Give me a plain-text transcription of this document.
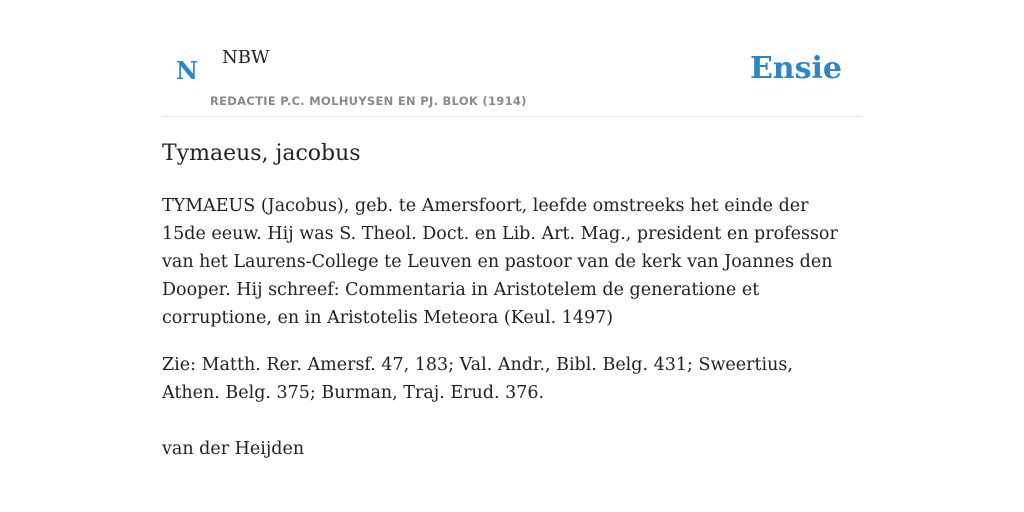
N NBW
REDACTIE P.C. MOLHUYSEN EN PJ. BLOK (1914)
Ensie
Tymaeus, jacobus

TYMAEUS (Jacobus), geb. te Amersfoort, leefde omstreeks het einde der 15de eeuw. Hij was S. Theol. Doct. en Lib. Art. Mag., president en professor van het Laurens-College te Leuven en pastoor van de kerk van Joannes den Dooper. Hij schreef: Commentaria in Aristotelem de generatione et corruptione, en in Aristotelis Meteora (Keul. 1497)

Zie: Matth. Rer. Amersf. 47, 183; Val. Andr., Bibl. Belg. 431; Sweertius, Athen. Belg. 375; Burman, Traj. Erud. 376.

van der Heijden
